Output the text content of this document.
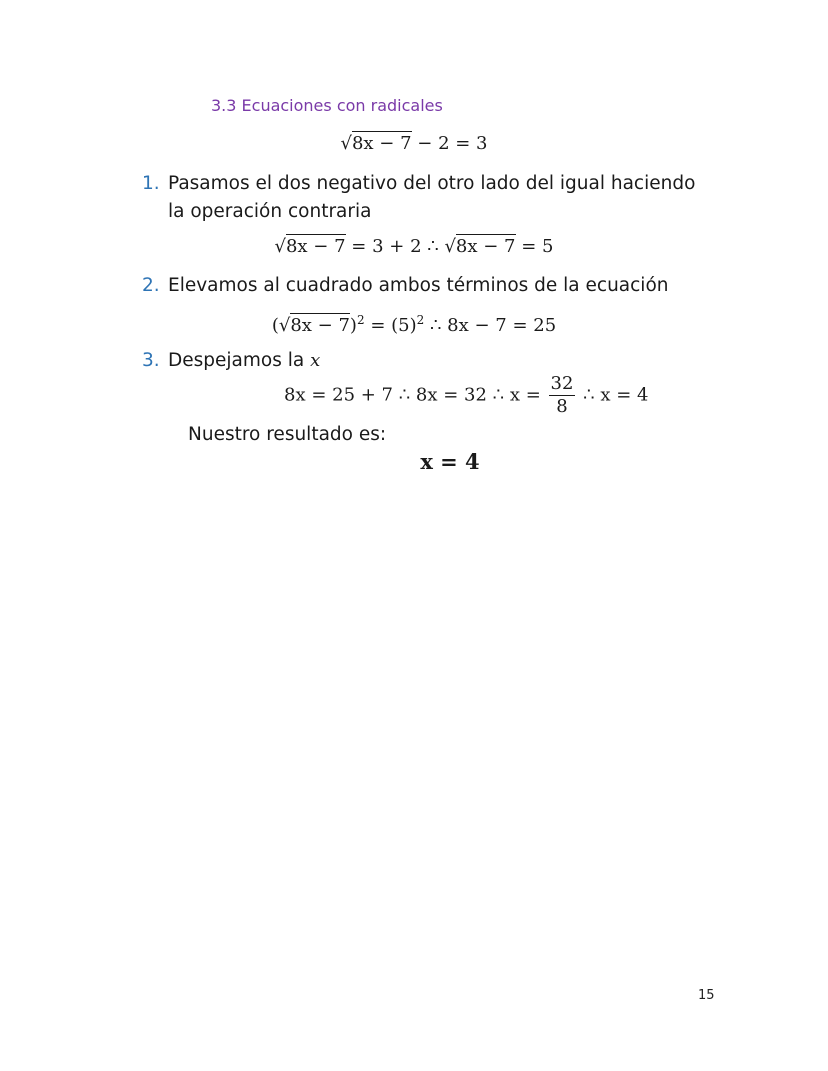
3.3 Ecuaciones con radicales
√8x − 7 − 2 = 3
1. Pasamos el dos negativo del otro lado del igual haciendo la operación contraria
√8x − 7 = 3 + 2 ∴ √8x − 7 = 5
2. Elevamos al cuadrado ambos términos de la ecuación
$(√8x - 7)^2 = (5)^2$ ∴ 8x − 7 = 25
3. Despejamos la x
8x = 25 + 7 ∴ 8x = 32 ∴ $x = \frac{32}{8}$ ∴ x = 4
Nuestro resultado es:
x = 4
15
